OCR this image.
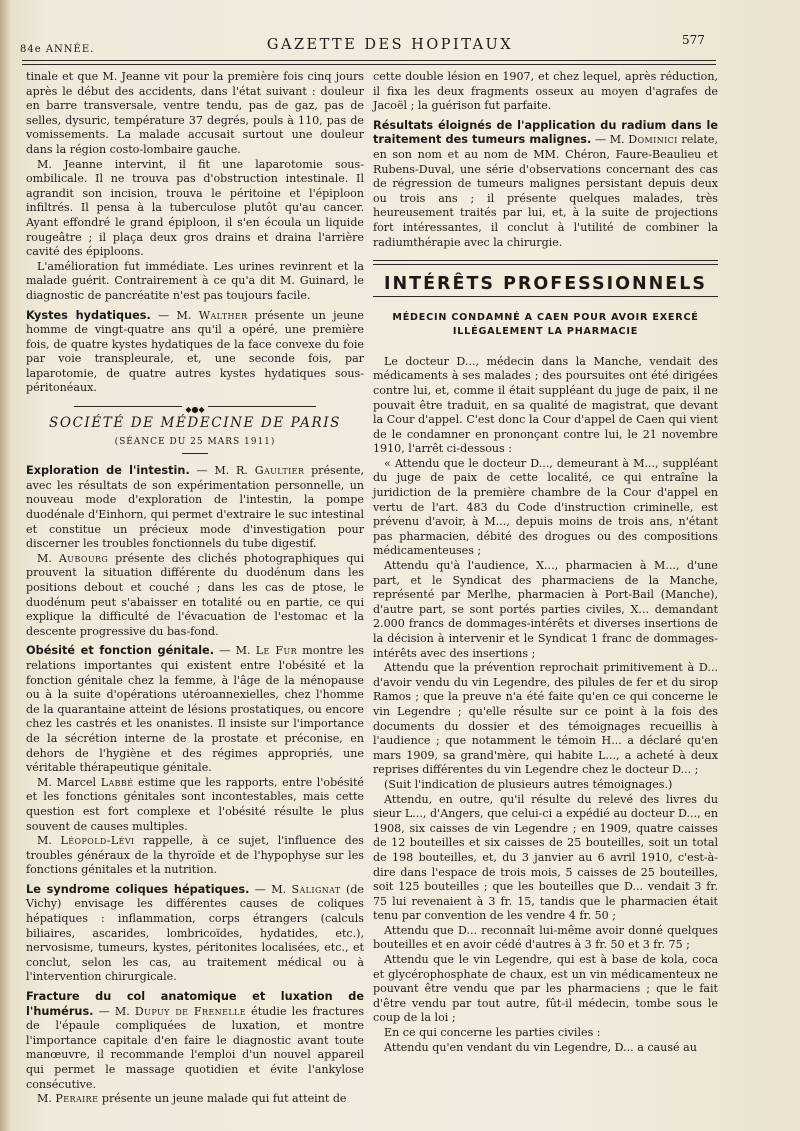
84e ANNÉE.	GAZETTE DES HOPITAUX	577

tinale et que M. Jeanne vit pour la première fois cinq jours après le début des accidents, dans l'état suivant : douleur en barre transversale, ventre tendu, pas de gaz, pas de selles, dysuric, température 37 degrés, pouls à 110, pas de vomissements. La malade accusait surtout une douleur dans la région costo-lombaire gauche.

M. Jeanne intervint, il fit une laparotomie sous-ombilicale. Il ne trouva pas d'obstruction intestinale. Il agrandit son incision, trouva le péritoine et l'épiploon infiltrés. Il pensa à la tuberculose plutôt qu'au cancer. Ayant effondré le grand épiploon, il s'en écoula un liquide rougeâtre ; il plaça deux gros drains et draina l'arrière cavité des épiploons.

L'amélioration fut immédiate. Les urines revinrent et la malade guérit. Contrairement à ce qu'a dit M. Guinard, le diagnostic de pancréatite n'est pas toujours facile.

Kystes hydatiques. — M. Walther présente un jeune homme de vingt-quatre ans qu'il a opéré, une première fois, de quatre kystes hydatiques de la face convexe du foie par voie transpleurale, et, une seconde fois, par laparotomie, de quatre autres kystes hydatiques sous-péritonéaux.

◆●◆
SOCIÉTÉ DE MÉDECINE DE PARIS
(SÉANCE DU 25 MARS 1911)

Exploration de l'intestin. — M. R. Gaultier présente, avec les résultats de son expérimentation personnelle, un nouveau mode d'exploration de l'intestin, la pompe duodénale d'Einhorn, qui permet d'extraire le suc intestinal et constitue un précieux mode d'investigation pour discerner les troubles fonctionnels du tube digestif.

M. Aubourg présente des clichés photographiques qui prouvent la situation différente du duodénum dans les positions debout et couché ; dans les cas de ptose, le duodénum peut s'abaisser en totalité ou en partie, ce qui explique la difficulté de l'évacuation de l'estomac et la descente progressive du bas-fond.

Obésité et fonction génitale. — M. Le Fur montre les relations importantes qui existent entre l'obésité et la fonction génitale chez la femme, à l'âge de la ménopause ou à la suite d'opérations utéroannexielles, chez l'homme de la quarantaine atteint de lésions prostatiques, ou encore chez les castrés et les onanistes. Il insiste sur l'importance de la sécrétion interne de la prostate et préconise, en dehors de l'hygiène et des régimes appropriés, une véritable thérapeutique génitale.

M. Marcel Labbé estime que les rapports, entre l'obésité et les fonctions génitales sont incontestables, mais cette question est fort complexe et l'obésité résulte le plus souvent de causes multiples.

M. Léopold-Lévi rappelle, à ce sujet, l'influence des troubles généraux de la thyroïde et de l'hypophyse sur les fonctions génitales et la nutrition.

Le syndrome coliques hépatiques. — M. Salignat (de Vichy) envisage les différentes causes de coliques hépatiques : inflammation, corps étrangers (calculs biliaires, ascarides, lombricoïdes, hydatides, etc.), nervosisme, tumeurs, kystes, péritonites localisées, etc., et conclut, selon les cas, au traitement médical ou à l'intervention chirurgicale.

Fracture du col anatomique et luxation de l'humérus. — M. Dupuy de Frenelle étudie les fractures de l'épaule compliquées de luxation, et montre l'importance capitale d'en faire le diagnostic avant toute manœuvre, il recommande l'emploi d'un nouvel appareil qui permet le massage quotidien et évite l'ankylose consécutive.

M. Peraire présente un jeune malade qui fut atteint de

cette double lésion en 1907, et chez lequel, après réduction, il fixa les deux fragments osseux au moyen d'agrafes de Jacoël ; la guérison fut parfaite.

Résultats éloignés de l'application du radium dans le traitement des tumeurs malignes. — M. Dominici relate, en son nom et au nom de MM. Chéron, Faure-Beaulieu et Rubens-Duval, une série d'observations concernant des cas de régression de tumeurs malignes persistant depuis deux ou trois ans ; il présente quelques malades, très heureusement traités par lui, et, à la suite de projections fort intéressantes, il conclut à l'utilité de combiner la radiumthérapie avec la chirurgie.

INTÉRÊTS PROFESSIONNELS
MÉDECIN CONDAMNÉ A CAEN POUR AVOIR EXERCÉ
ILLÉGALEMENT LA PHARMACIE

Le docteur D..., médecin dans la Manche, vendait des médicaments à ses malades ; des poursuites ont été dirigées contre lui, et, comme il était suppléant du juge de paix, il ne pouvait être traduit, en sa qualité de magistrat, que devant la Cour d'appel. C'est donc la Cour d'appel de Caen qui vient de le condamner en prononçant contre lui, le 21 novembre 1910, l'arrêt ci-dessous :

« Attendu que le docteur D..., demeurant à M..., suppléant du juge de paix de cette localité, ce qui entraîne la juridiction de la première chambre de la Cour d'appel en vertu de l'art. 483 du Code d'instruction criminelle, est prévenu d'avoir, à M..., depuis moins de trois ans, n'étant pas pharmacien, débité des drogues ou des compositions médicamenteuses ;

Attendu qu'à l'audience, X..., pharmacien à M..., d'une part, et le Syndicat des pharmaciens de la Manche, représenté par Merlhe, pharmacien à Port-Bail (Manche), d'autre part, se sont portés parties civiles, X... demandant 2.000 francs de dommages-intérêts et diverses insertions de la décision à intervenir et le Syndicat 1 franc de dommages-intérêts avec des insertions ;

Attendu que la prévention reprochait primitivement à D... d'avoir vendu du vin Legendre, des pilules de fer et du sirop Ramos ; que la preuve n'a été faite qu'en ce qui concerne le vin Legendre ; qu'elle résulte sur ce point à la fois des documents du dossier et des témoignages recueillis à l'audience ; que notamment le témoin H... a déclaré qu'en mars 1909, sa grand'mère, qui habite L..., a acheté à deux reprises différentes du vin Legendre chez le docteur D... ;

(Suit l'indication de plusieurs autres témoignages.)

Attendu, en outre, qu'il résulte du relevé des livres du sieur L..., d'Angers, que celui-ci a expédié au docteur D..., en 1908, six caisses de vin Legendre ; en 1909, quatre caisses de 12 bouteilles et six caisses de 25 bouteilles, soit un total de 198 bouteilles, et, du 3 janvier au 6 avril 1910, c'est-à-dire dans l'espace de trois mois, 5 caisses de 25 bouteilles, soit 125 bouteilles ; que les bouteilles que D... vendait 3 fr. 75 lui revenaient à 3 fr. 15, tandis que le pharmacien était tenu par convention de les vendre 4 fr. 50 ;

Attendu que D... reconnaît lui-même avoir donné quelques bouteilles et en avoir cédé d'autres à 3 fr. 50 et 3 fr. 75 ;

Attendu que le vin Legendre, qui est à base de kola, coca et glycérophosphate de chaux, est un vin médicamenteux ne pouvant être vendu que par les pharmaciens ; que le fait d'être vendu par tout autre, fût-il médecin, tombe sous le coup de la loi ;

En ce qui concerne les parties civiles :

Attendu qu'en vendant du vin Legendre, D... a causé au
